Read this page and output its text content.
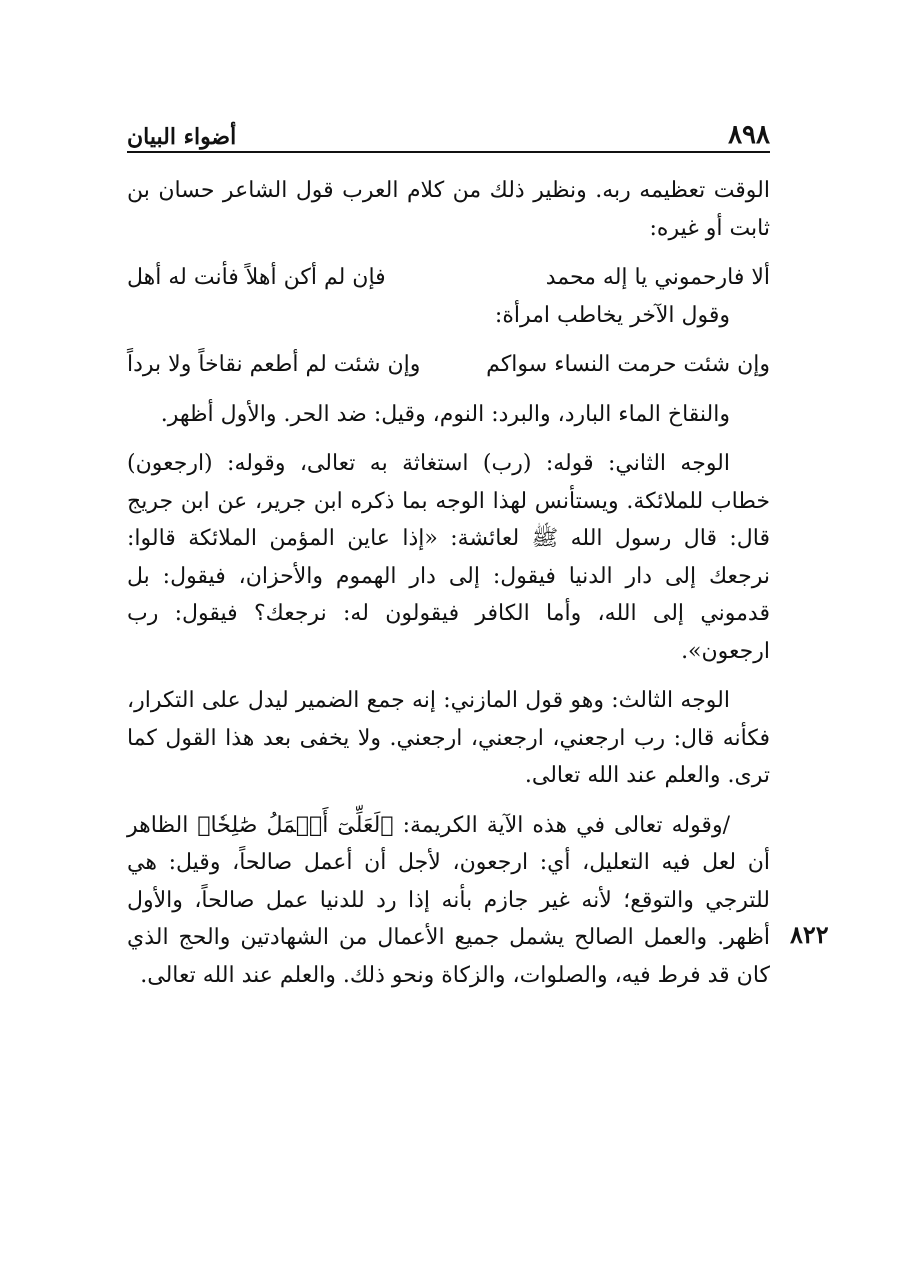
٨٩٨
أضواء البيان
٨٢٢

الوقت تعظيمه ربه. ونظير ذلك من كلام العرب قول الشاعر حسان بن ثابت أو غيره:

ألا فارحموني يا إله محمد
فإن لم أكن أهلاً فأنت له أهل

وقول الآخر يخاطب امرأة:

وإن شئت حرمت النساء سواكم
وإن شئت لم أطعم نقاخاً ولا برداً

والنقاخ الماء البارد، والبرد: النوم، وقيل: ضد الحر. والأول أظهر.

الوجه الثاني: قوله: (رب) استغاثة به تعالى، وقوله: (ارجعون) خطاب للملائكة. ويستأنس لهذا الوجه بما ذكره ابن جرير، عن ابن جريج قال: قال رسول الله ﷺ لعائشة: «إذا عاين المؤمن الملائكة قالوا: نرجعك إلى دار الدنيا فيقول: إلى دار الهموم والأحزان، فيقول: بل قدموني إلى الله، وأما الكافر فيقولون له: نرجعك؟ فيقول: رب ارجعون».

الوجه الثالث: وهو قول المازني: إنه جمع الضمير ليدل على التكرار، فكأنه قال: رب ارجعني، ارجعني، ارجعني. ولا يخفى بعد هذا القول كما ترى. والعلم عند الله تعالى.

/وقوله تعالى في هذه الآية الكريمة: ﴿لَعَلِّىٓ أَعۡمَلُ صَٰلِحٗا﴾ الظاهر أن لعل فيه التعليل، أي: ارجعون، لأجل أن أعمل صالحاً، وقيل: هي للترجي والتوقع؛ لأنه غير جازم بأنه إذا رد للدنيا عمل صالحاً، والأول أظهر. والعمل الصالح يشمل جميع الأعمال من الشهادتين والحج الذي كان قد فرط فيه، والصلوات، والزكاة ونحو ذلك. والعلم عند الله تعالى.
